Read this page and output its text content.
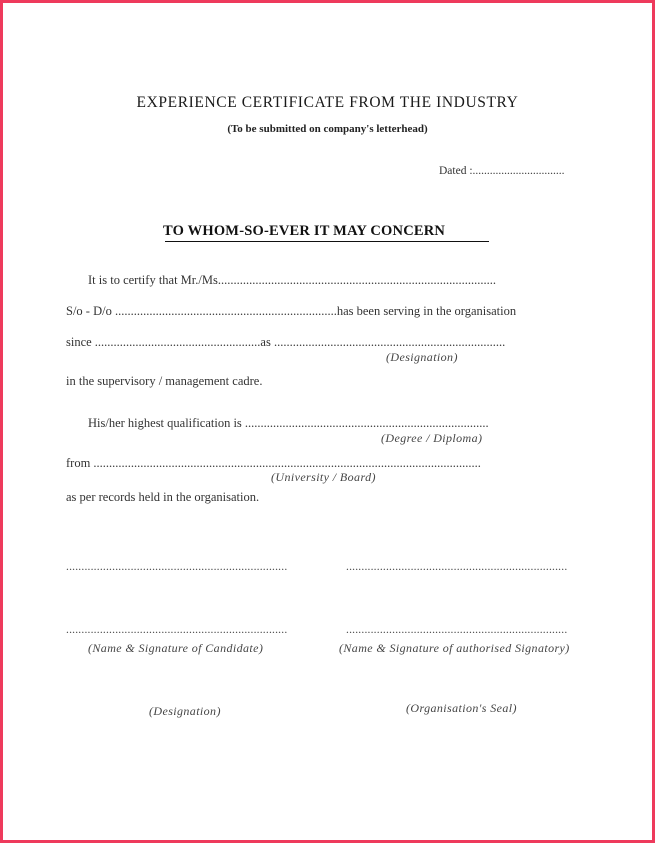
EXPERIENCE CERTIFICATE FROM THE INDUSTRY
(To be submitted on company's letterhead)
Dated :................................
TO WHOM-SO-EVER IT MAY CONCERN
It is to certify that Mr./Ms.........................................................................................
S/o - D/o .......................................................................has been serving in the organisation
since .....................................................as ..........................................................................
(Designation)
in the supervisory / management cadre.
His/her highest qualification is ..............................................................................
(Degree / Diploma)
from ............................................................................................................................
(University / Board)
as per records held in the organisation.
........................................................................	........................................................................
........................................................................	........................................................................
(Name & Signature of Candidate)	(Name & Signature of authorised Signatory)
(Designation)	(Organisation's Seal)
